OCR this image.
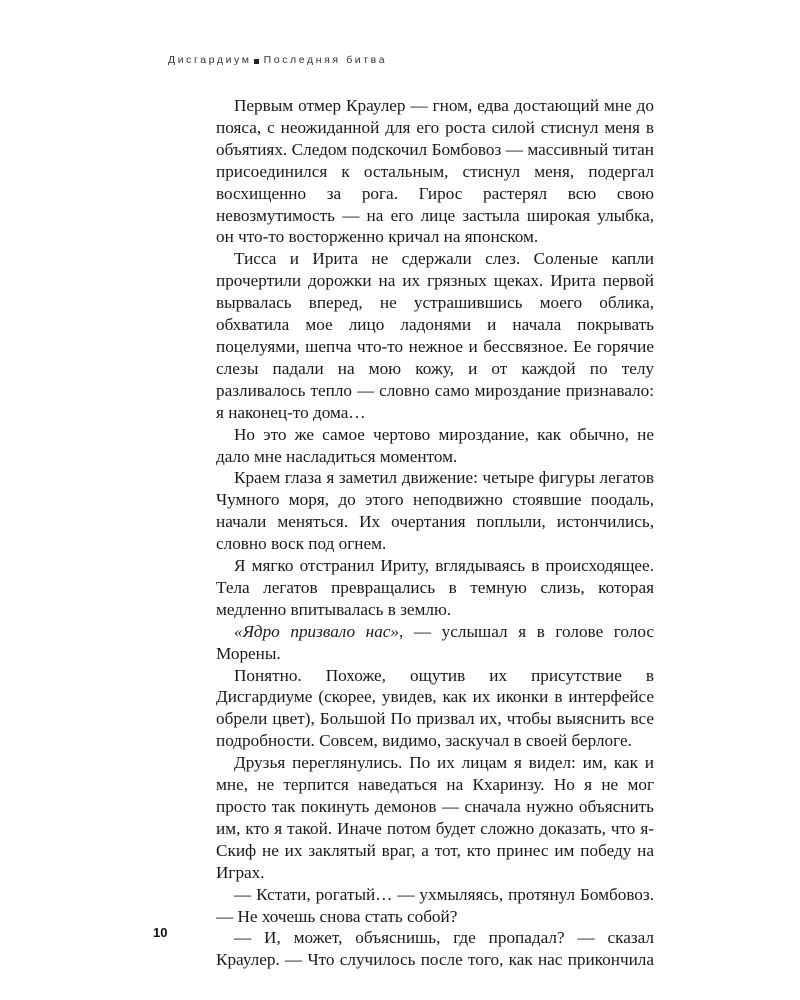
Дисгардиум Последняя битва

Первым отмер Краулер — гном, едва достающий мне до пояса, с неожиданной для его роста силой стиснул меня в объятиях. Следом подскочил Бомбовоз — массивный титан присоединился к остальным, стиснул меня, подергал восхищенно за рога. Гирос растерял всю свою невозмутимость — на его лице застыла широкая улыбка, он что-то восторженно кричал на японском.

Тисса и Ирита не сдержали слез. Соленые капли прочертили дорожки на их грязных щеках. Ирита первой вырвалась вперед, не устрашившись моего облика, обхватила мое лицо ладонями и начала покрывать поцелуями, шепча что-то нежное и бессвязное. Ее горячие слезы падали на мою кожу, и от каждой по телу разливалось тепло — словно само мироздание признавало: я наконец-то дома…

Но это же самое чертово мироздание, как обычно, не дало мне насладиться моментом.

Краем глаза я заметил движение: четыре фигуры легатов Чумного моря, до этого неподвижно стоявшие поодаль, начали меняться. Их очертания поплыли, истончились, словно воск под огнем.

Я мягко отстранил Ириту, вглядываясь в происходящее. Тела легатов превращались в темную слизь, которая медленно впитывалась в землю.

«Ядро призвало нас», — услышал я в голове голос Морены.

Понятно. Похоже, ощутив их присутствие в Дисгардиуме (скорее, увидев, как их иконки в интерфейсе обрели цвет), Большой По призвал их, чтобы выяснить все подробности. Совсем, видимо, заскучал в своей берлоге.

Друзья переглянулись. По их лицам я видел: им, как и мне, не терпится наведаться на Кхаринзу. Но я не мог просто так покинуть демонов — сначала нужно объяснить им, кто я такой. Иначе потом будет сложно доказать, что я-Скиф не их заклятый враг, а тот, кто принес им победу на Играх.

— Кстати, рогатый… — ухмыляясь, протянул Бомбовоз. — Не хочешь снова стать собой?

— И, может, объяснишь, где пропадал? — сказал Краулер. — Что случилось после того, как нас прикончила

10
